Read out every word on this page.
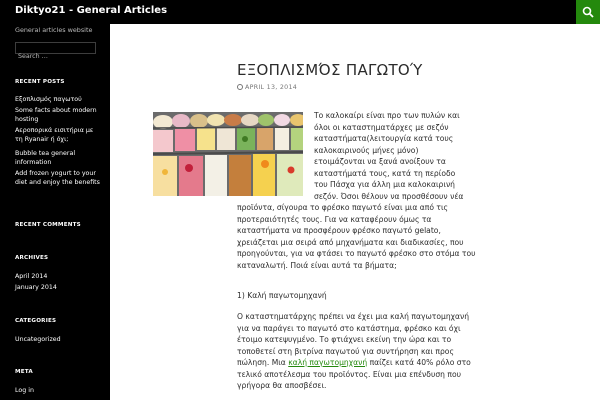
Diktyo21 - General Articles
General articles website
Search …
RECENT POSTS
Εξοπλισμός παγωτού
Some facts about modern hosting
Αεροπορικά εισιτήρια με τη Ryanair ή όχι;
Bubble tea general information
Add frozen yogurt to your diet and enjoy the benefits
RECENT COMMENTS
ARCHIVES
April 2014
January 2014
CATEGORIES
Uncategorized
META
Log in
ΕΞΟΠΛΙΣΜΌΣ ΠΑΓΩΤΟΎ
APRIL 13, 2014
Το καλοκαίρι είναι προ των πυλών και
όλοι οι καταστηματάρχες με σεζόν
καταστήματα(λειτουργία κατά τους
καλοκαιρινούς μήνες μόνο)
ετοιμάζονται να ξανά ανοίξουν τα
καταστήματά τους, κατά τη περίοδο
του Πάσχα για άλλη μια καλοκαιρινή
σεζόν. Όσοι θέλουν να προσθέσουν νέα
προϊόντα, σίγουρα το φρέσκο παγωτό είναι μια από τις προτεραιότητές τους. Για να καταφέρουν όμως τα καταστήματα να προσφέρουν φρέσκο παγωτό gelato, χρειάζεται μια σειρά από μηχανήματα και διαδικασίες, που προηγούνται, για να φτάσει το παγωτό φρέσκο στο στόμα του καταναλωτή. Ποιά είναι αυτά τα βήματα;
1) Καλή παγωτομηχανή
Ο καταστηματάρχης πρέπει να έχει μια καλή παγωτομηχανή για να παράγει το παγωτό στο κατάστημα, φρέσκο και όχι έτοιμο κατεψυγμένο. Το φτιάχνει εκείνη την ώρα και το τοποθετεί στη βιτρίνα παγωτού για συντήρηση και προς πώληση. Μια καλή παγωτομηχανή παίζει κατά 40% ρόλο στο τελικό αποτέλεσμα του προϊόντος. Είναι μια επένδυση που γρήγορα θα αποσβέσει.
